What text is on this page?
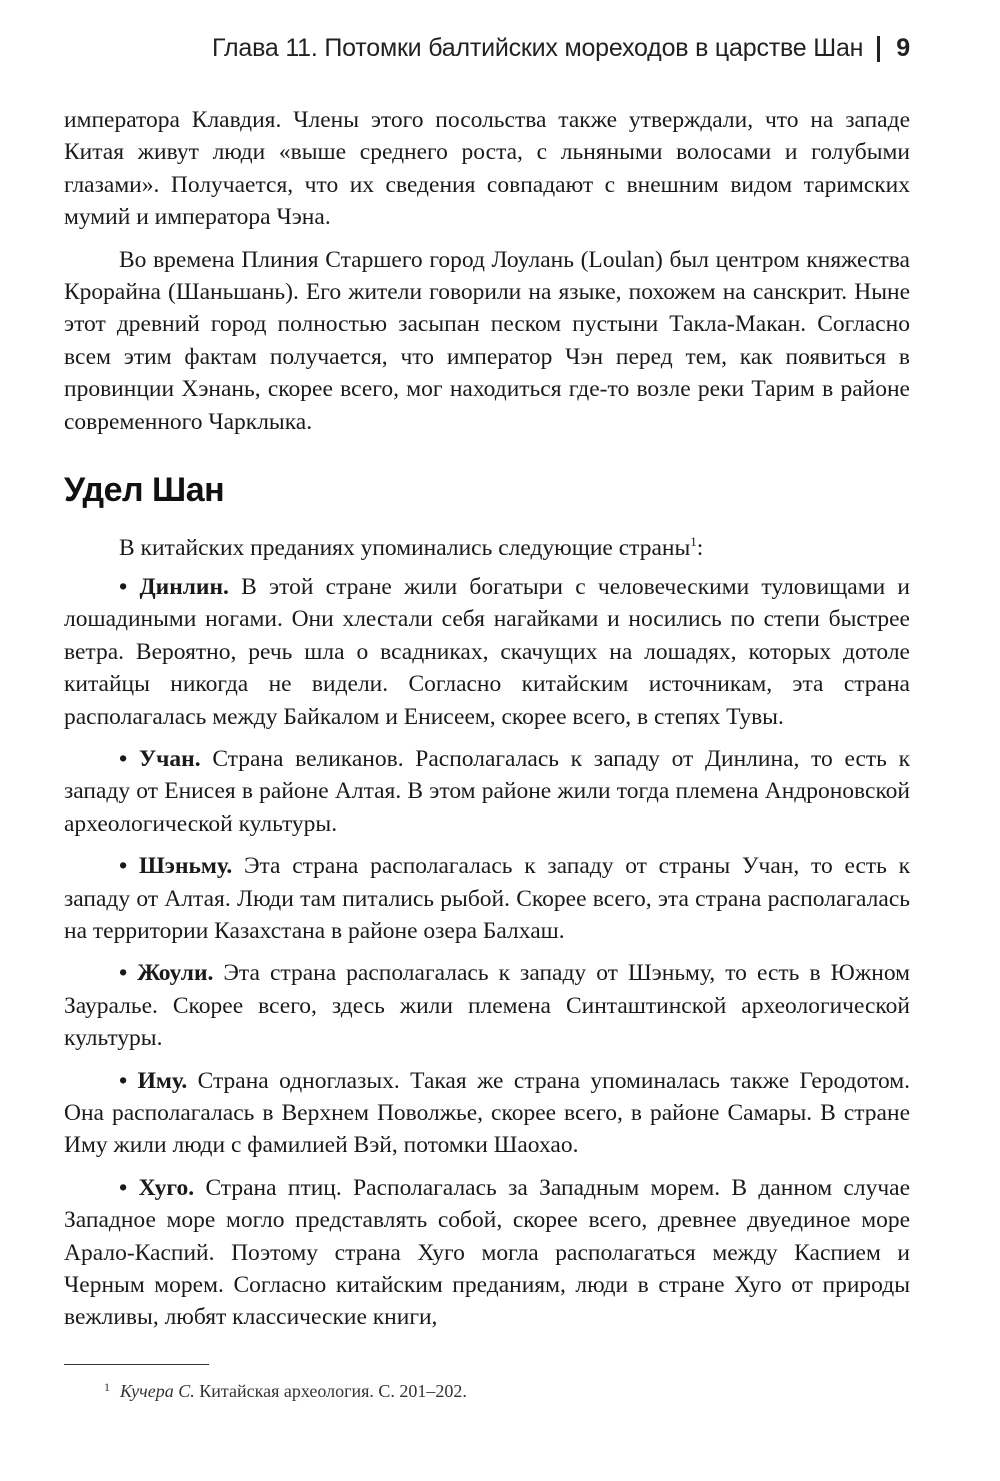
Глава 11. Потомки балтийских мореходов в царстве Шан 9

императора Клавдия. Члены этого посольства также утверждали, что на западе Китая живут люди «выше среднего роста, с льняными волосами и голубыми глазами». Получается, что их сведения совпадают с внешним видом таримских мумий и императора Чэна.

Во времена Плиния Старшего город Лоулань (Loulan) был центром княжества Крорайна (Шаньшань). Его жители говорили на языке, похожем на санскрит. Ныне этот древний город полностью засыпан песком пустыни Такла-Макан. Согласно всем этим фактам получается, что император Чэн перед тем, как появиться в провинции Хэнань, скорее всего, мог находиться где-то возле реки Тарим в районе современного Чарклыка.

Удел Шан

В китайских преданиях упоминались следующие страны$^1$:

• Динлин. В этой стране жили богатыри с человеческими туловищами и лошадиными ногами. Они хлестали себя нагайками и носились по степи быстрее ветра. Вероятно, речь шла о всадниках, скачущих на лошадях, которых дотоле китайцы никогда не видели. Согласно китайским источникам, эта страна располагалась между Байкалом и Енисеем, скорее всего, в степях Тувы.

• Учан. Страна великанов. Располагалась к западу от Динлина, то есть к западу от Енисея в районе Алтая. В этом районе жили тогда племена Андроновской археологической культуры.

• Шэньму. Эта страна располагалась к западу от страны Учан, то есть к западу от Алтая. Люди там питались рыбой. Скорее всего, эта страна располагалась на территории Казахстана в районе озера Балхаш.

• Жоули. Эта страна располагалась к западу от Шэньму, то есть в Южном Зауралье. Скорее всего, здесь жили племена Синташтинской археологической культуры.

• Иму. Страна одноглазых. Такая же страна упоминалась также Геродотом. Она располагалась в Верхнем Поволжье, скорее всего, в районе Самары. В стране Иму жили люди с фамилией Вэй, потомки Шаохао.

• Хуго. Страна птиц. Располагалась за Западным морем. В данном случае Западное море могло представлять собой, скорее всего, древнее двуединое море Арало-Каспий. Поэтому страна Хуго могла располагаться между Каспием и Черным морем. Согласно китайским преданиям, люди в стране Хуго от природы вежливы, любят классические книги,

$^1$ Кучера С. Китайская археология. С. 201–202.
